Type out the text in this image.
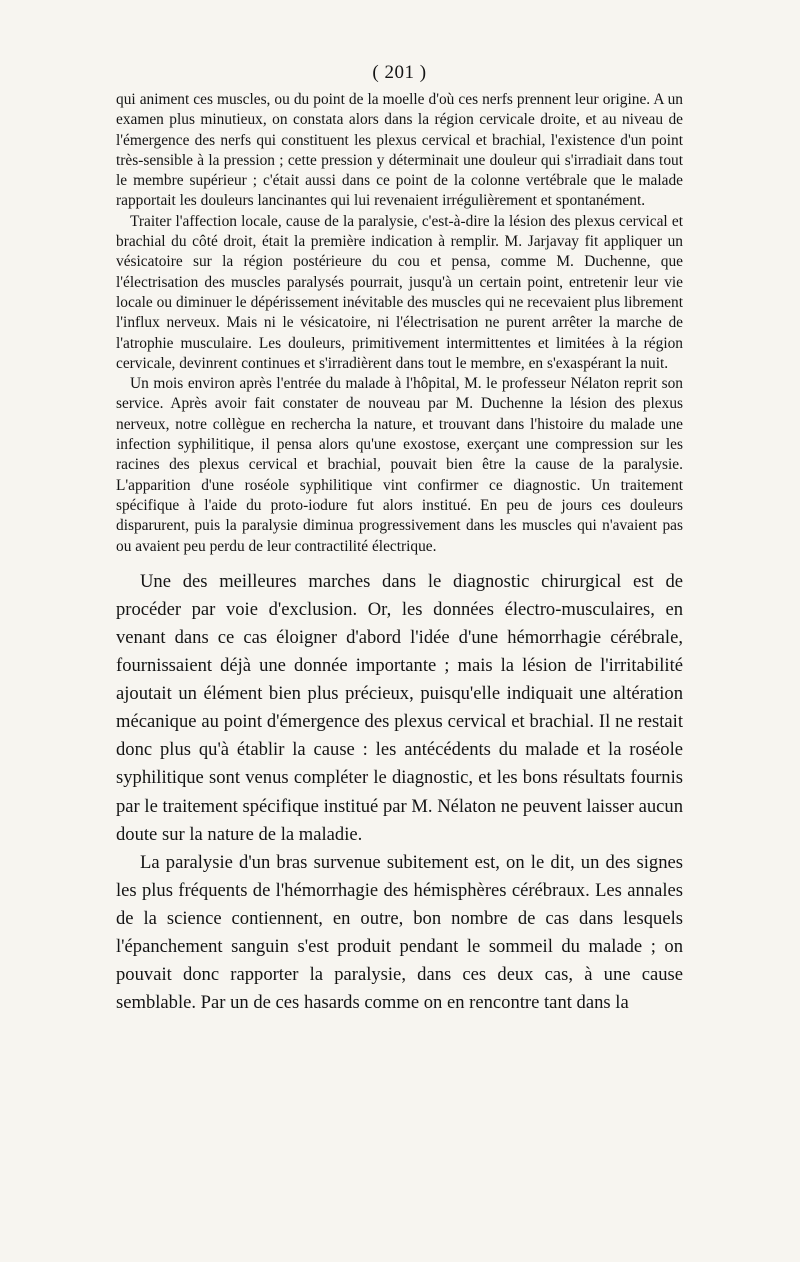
( 201 )

qui animent ces muscles, ou du point de la moelle d'où ces nerfs prennent leur origine. A un examen plus minutieux, on constata alors dans la région cervicale droite, et au niveau de l'émergence des nerfs qui constituent les plexus cervical et brachial, l'existence d'un point très-sensible à la pression ; cette pression y déterminait une douleur qui s'irradiait dans tout le membre supérieur ; c'était aussi dans ce point de la colonne vertébrale que le malade rapportait les douleurs lancinantes qui lui revenaient irrégulièrement et spontanément.

Traiter l'affection locale, cause de la paralysie, c'est-à-dire la lésion des plexus cervical et brachial du côté droit, était la première indication à remplir. M. Jarjavay fit appliquer un vésicatoire sur la région postérieure du cou et pensa, comme M. Duchenne, que l'électrisation des muscles paralysés pourrait, jusqu'à un certain point, entretenir leur vie locale ou diminuer le dépérissement inévitable des muscles qui ne recevaient plus librement l'influx nerveux. Mais ni le vésicatoire, ni l'électrisation ne purent arrêter la marche de l'atrophie musculaire. Les douleurs, primitivement intermittentes et limitées à la région cervicale, devinrent continues et s'irradièrent dans tout le membre, en s'exaspérant la nuit.

Un mois environ après l'entrée du malade à l'hôpital, M. le professeur Nélaton reprit son service. Après avoir fait constater de nouveau par M. Duchenne la lésion des plexus nerveux, notre collègue en rechercha la nature, et trouvant dans l'histoire du malade une infection syphilitique, il pensa alors qu'une exostose, exerçant une compression sur les racines des plexus cervical et brachial, pouvait bien être la cause de la paralysie. L'apparition d'une roséole syphilitique vint confirmer ce diagnostic. Un traitement spécifique à l'aide du proto-iodure fut alors institué. En peu de jours ces douleurs disparurent, puis la paralysie diminua progressivement dans les muscles qui n'avaient pas ou avaient peu perdu de leur contractilité électrique.

Une des meilleures marches dans le diagnostic chirurgical est de procéder par voie d'exclusion. Or, les données électro-musculaires, en venant dans ce cas éloigner d'abord l'idée d'une hémorrhagie cérébrale, fournissaient déjà une donnée importante ; mais la lésion de l'irritabilité ajoutait un élément bien plus précieux, puisqu'elle indiquait une altération mécanique au point d'émergence des plexus cervical et brachial. Il ne restait donc plus qu'à établir la cause : les antécédents du malade et la roséole syphilitique sont venus compléter le diagnostic, et les bons résultats fournis par le traitement spécifique institué par M. Nélaton ne peuvent laisser aucun doute sur la nature de la maladie.

La paralysie d'un bras survenue subitement est, on le dit, un des signes les plus fréquents de l'hémorrhagie des hémisphères cérébraux. Les annales de la science contiennent, en outre, bon nombre de cas dans lesquels l'épanchement sanguin s'est produit pendant le sommeil du malade ; on pouvait donc rapporter la paralysie, dans ces deux cas, à une cause semblable. Par un de ces hasards comme on en rencontre tant dans la
